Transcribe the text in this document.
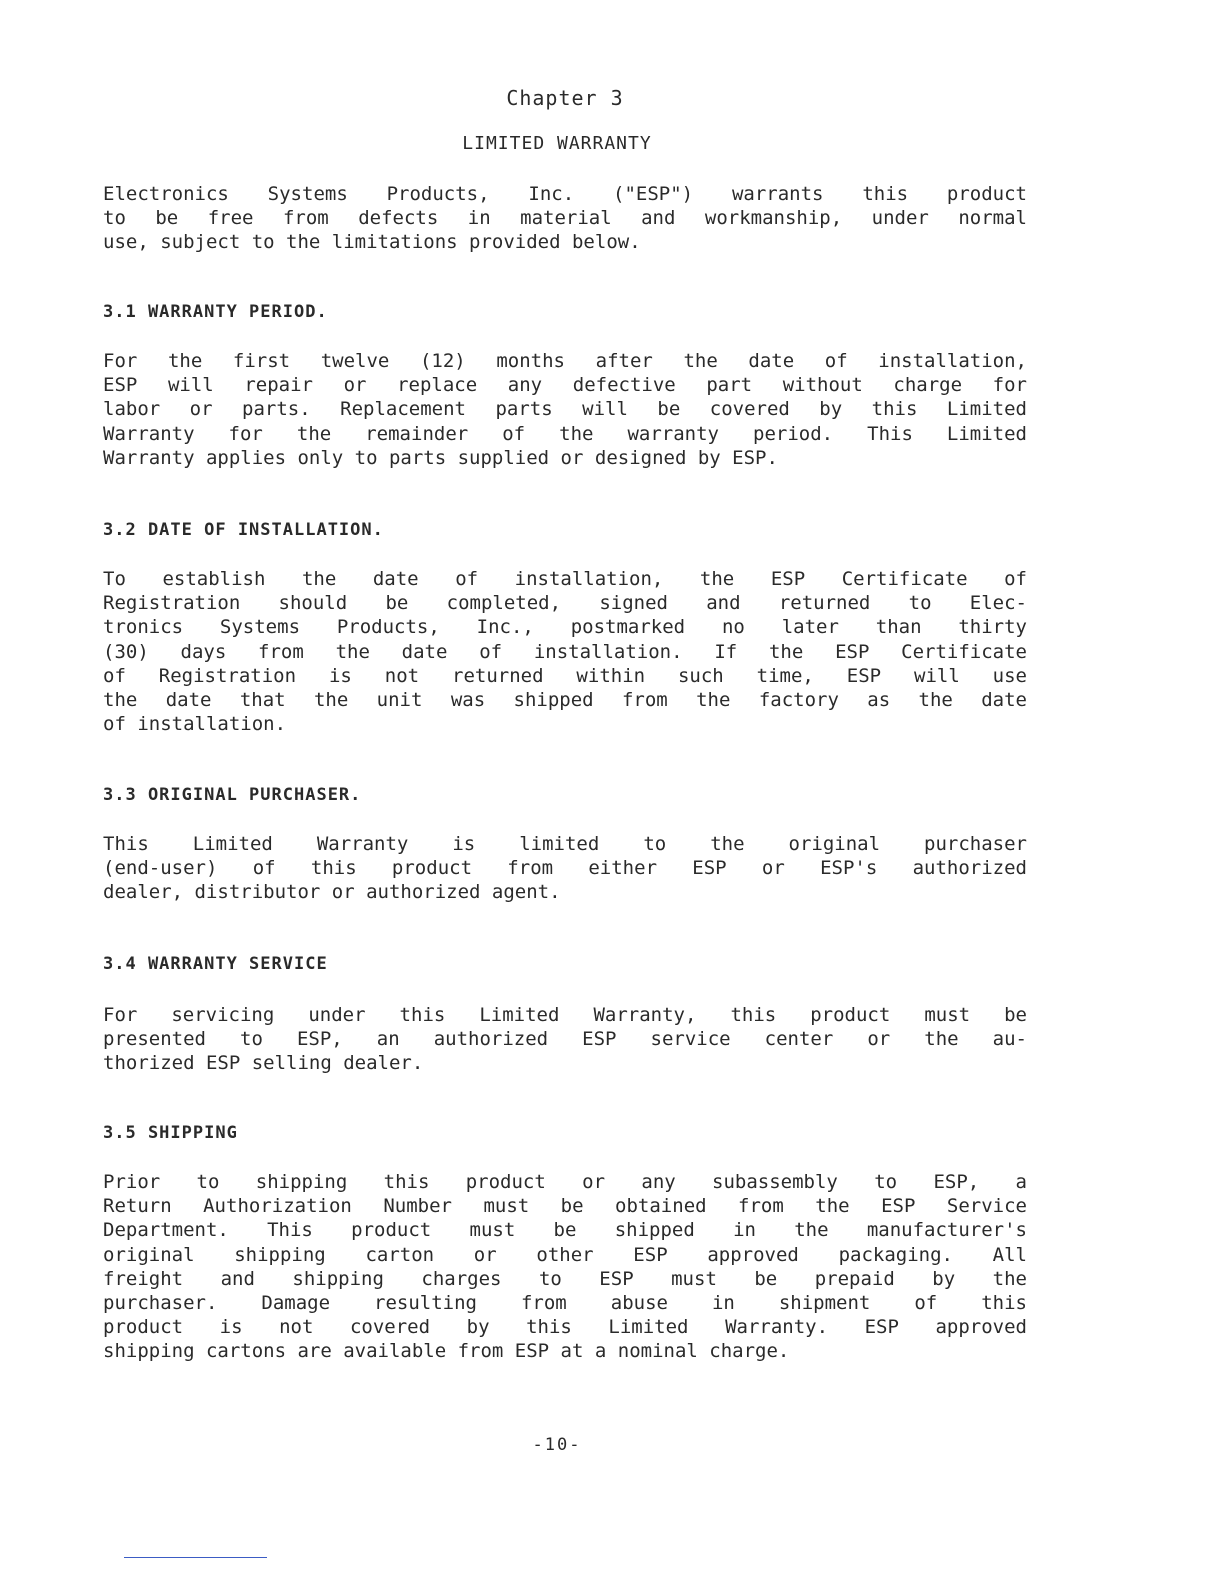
Chapter 3
LIMITED WARRANTY

Electronics Systems Products, Inc. ("ESP") warrants this product
to be free from defects in material and workmanship, under normal
use, subject to the limitations provided below.

3.1 WARRANTY PERIOD.

For the first twelve (12) months after the date of installation,
ESP will repair or replace any defective part without charge for
labor or parts. Replacement parts will be covered by this Limited
Warranty for the remainder of the warranty period. This Limited
Warranty applies only to parts supplied or designed by ESP.

3.2 DATE OF INSTALLATION.

To establish the date of installation, the ESP Certificate of
Registration should be completed, signed and returned to Elec-
tronics Systems Products, Inc., postmarked no later than thirty
(30) days from the date of installation. If the ESP Certificate
of Registration is not returned within such time, ESP will use
the date that the unit was shipped from the factory as the date
of installation.

3.3 ORIGINAL PURCHASER.

This Limited Warranty is limited to the original purchaser
(end-user) of this product from either ESP or ESP's authorized
dealer, distributor or authorized agent.

3.4 WARRANTY SERVICE

For servicing under this Limited Warranty, this product must be
presented to ESP, an authorized ESP service center or the au-
thorized ESP selling dealer.

3.5 SHIPPING

Prior to shipping this product or any subassembly to ESP, a
Return Authorization Number must be obtained from the ESP Service
Department. This product must be shipped in the manufacturer's
original shipping carton or other ESP approved packaging. All
freight and shipping charges to ESP must be prepaid by the
purchaser. Damage resulting from abuse in shipment of this
product is not covered by this Limited Warranty. ESP approved
shipping cartons are available from ESP at a nominal charge.

-10-
